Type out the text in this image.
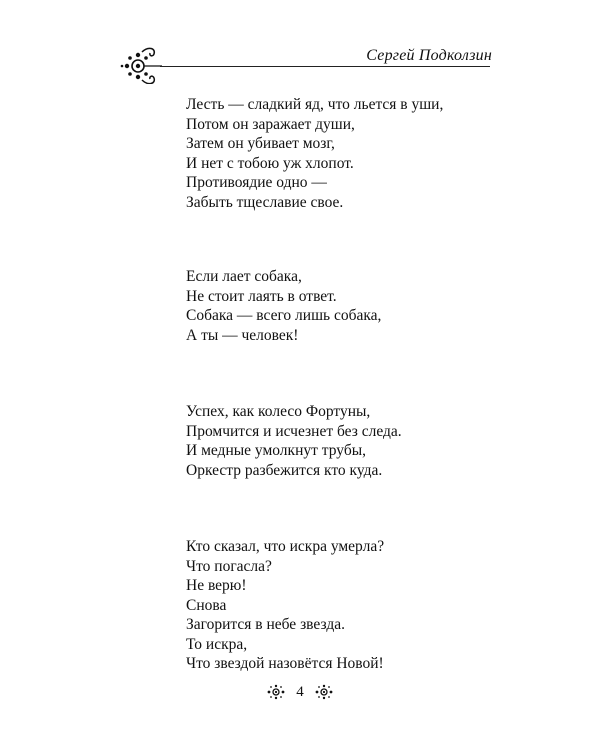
Сергей Подколзин
Лесть — сладкий яд, что льется в уши,
Потом он заражает души,
Затем он убивает мозг,
И нет с тобою уж хлопот.
Противоядие одно —
Забыть тщеславие свое.
Если лает собака,
Не стоит лаять в ответ.
Собака — всего лишь собака,
А ты — человек!
Успех, как колесо Фортуны,
Промчится и исчезнет без следа.
И медные умолкнут трубы,
Оркестр разбежится кто куда.
Кто сказал, что искра умерла?
Что погасла?
Не верю!
Снова
Загорится в небе звезда.
То искра,
Что звездой назовётся Новой!
4
